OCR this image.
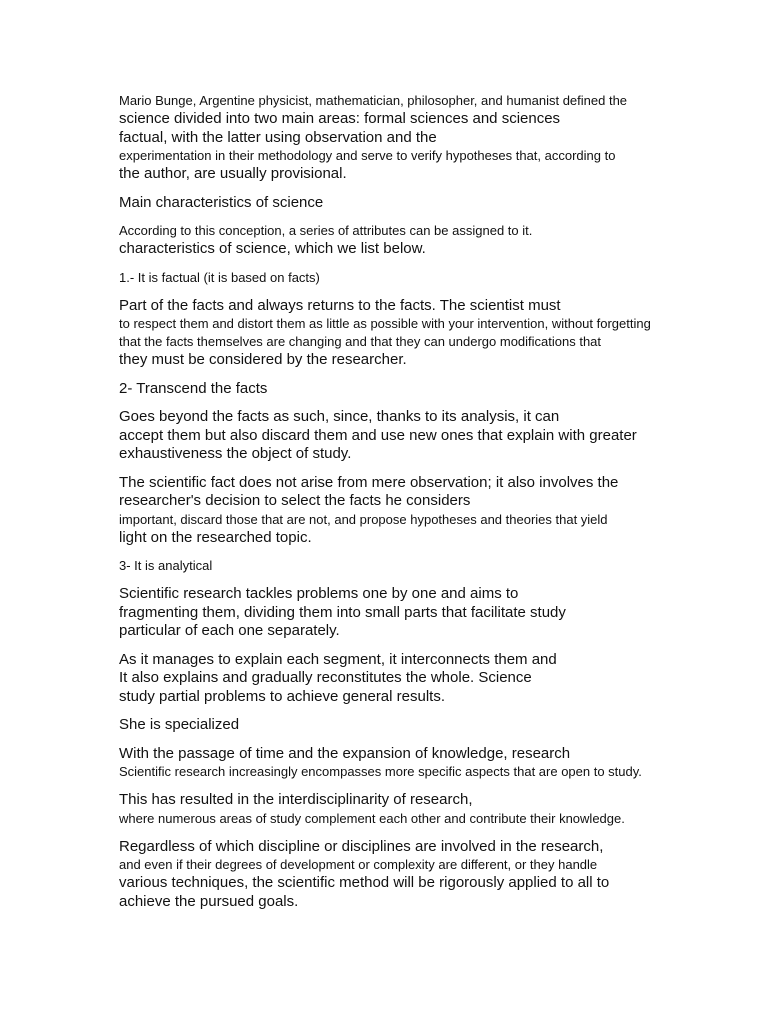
Mario Bunge, Argentine physicist, mathematician, philosopher, and humanist defined the
science divided into two main areas: formal sciences and sciences
factual, with the latter using observation and the
experimentation in their methodology and serve to verify hypotheses that, according to
the author, are usually provisional.
Main characteristics of science
According to this conception, a series of attributes can be assigned to it.
characteristics of science, which we list below.
1.- It is factual (it is based on facts)
Part of the facts and always returns to the facts. The scientist must
to respect them and distort them as little as possible with your intervention, without forgetting
that the facts themselves are changing and that they can undergo modifications that
they must be considered by the researcher.
2- Transcend the facts
Goes beyond the facts as such, since, thanks to its analysis, it can
accept them but also discard them and use new ones that explain with greater
exhaustiveness the object of study.
The scientific fact does not arise from mere observation; it also involves the
researcher's decision to select the facts he considers
important, discard those that are not, and propose hypotheses and theories that yield
light on the researched topic.
3- It is analytical
Scientific research tackles problems one by one and aims to
fragmenting them, dividing them into small parts that facilitate study
particular of each one separately.
As it manages to explain each segment, it interconnects them and
It also explains and gradually reconstitutes the whole. Science
study partial problems to achieve general results.
She is specialized
With the passage of time and the expansion of knowledge, research
Scientific research increasingly encompasses more specific aspects that are open to study.
This has resulted in the interdisciplinarity of research,
where numerous areas of study complement each other and contribute their knowledge.
Regardless of which discipline or disciplines are involved in the research,
and even if their degrees of development or complexity are different, or they handle
various techniques, the scientific method will be rigorously applied to all to
achieve the pursued goals.
